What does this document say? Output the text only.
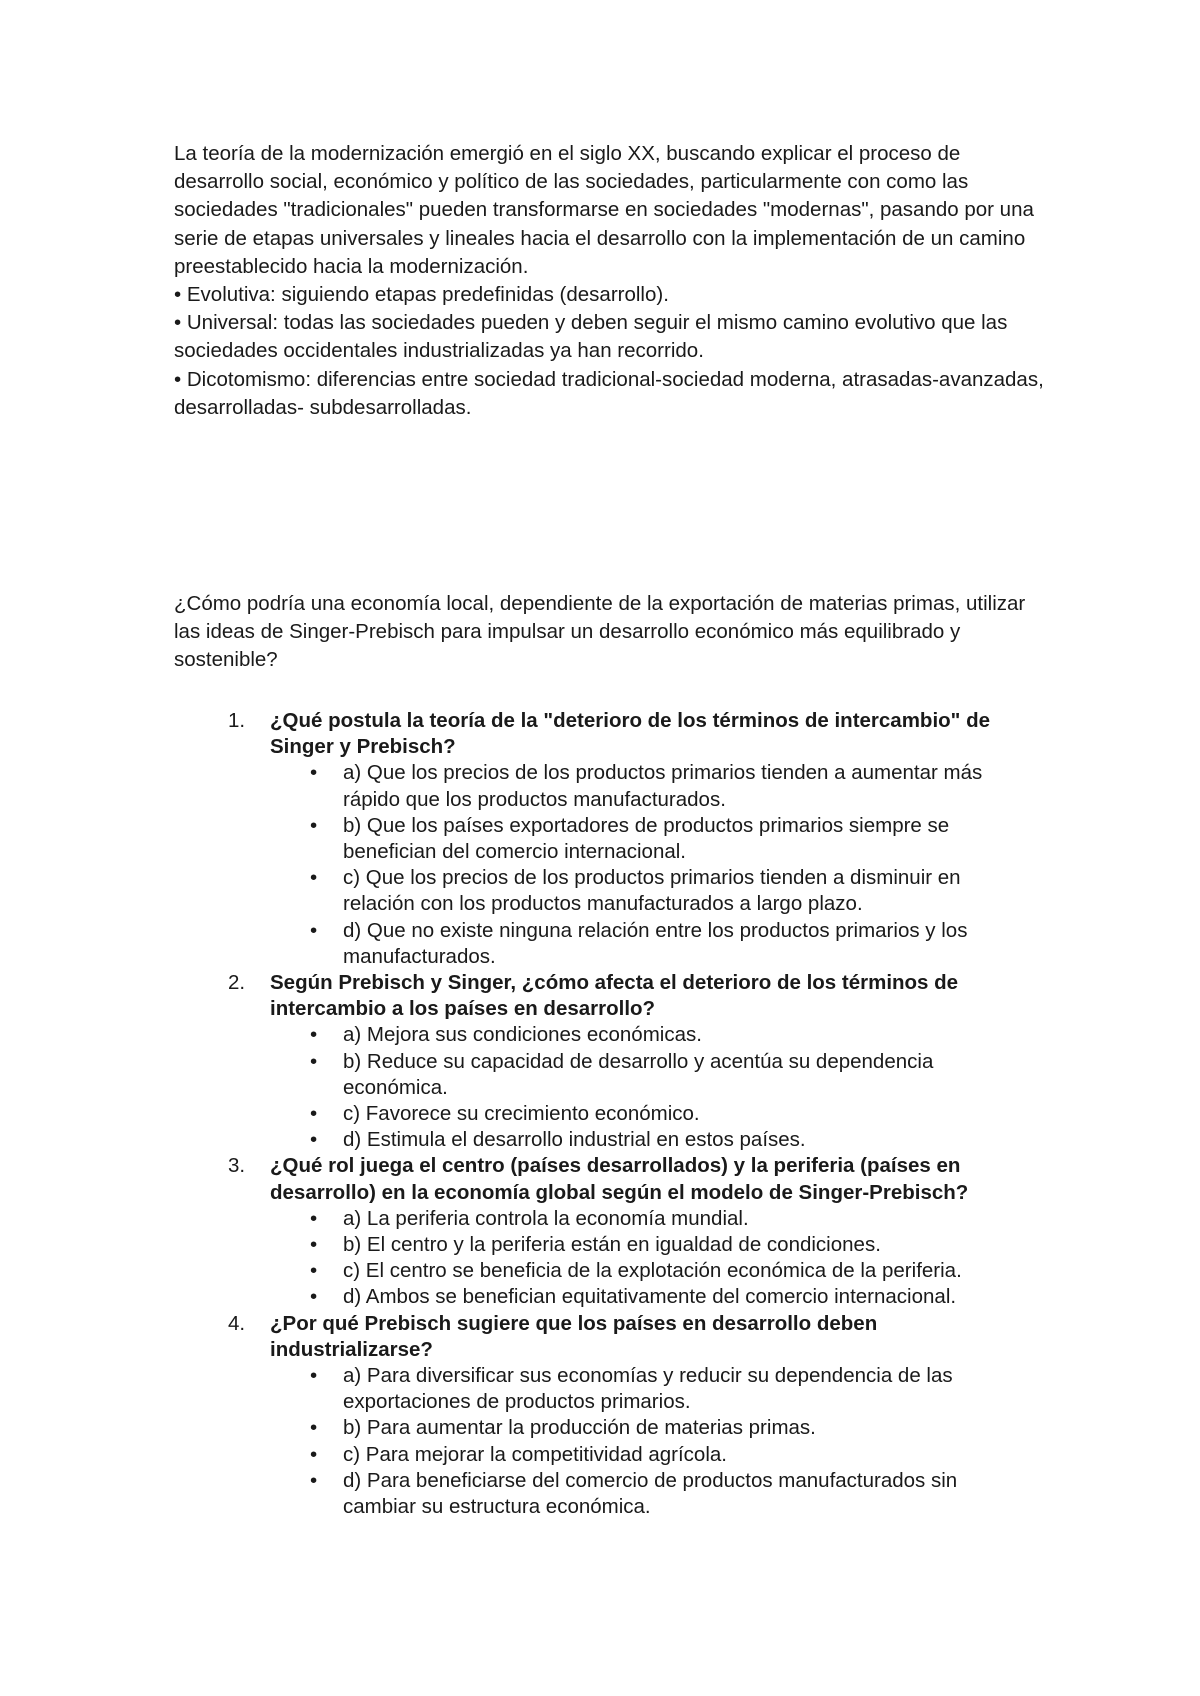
La teoría de la modernización emergió en el siglo XX, buscando explicar el proceso de desarrollo social, económico y político de las sociedades, particularmente con como las sociedades "tradicionales" pueden transformarse en sociedades "modernas", pasando por una serie de etapas universales y lineales hacia el desarrollo con la implementación de un camino preestablecido hacia la modernización.

• Evolutiva: siguiendo etapas predefinidas (desarrollo).

• Universal: todas las sociedades pueden y deben seguir el mismo camino evolutivo que las sociedades occidentales industrializadas ya han recorrido.

• Dicotomismo: diferencias entre sociedad tradicional-sociedad moderna, atrasadas-avanzadas, desarrolladas- subdesarrolladas.

¿Cómo podría una economía local, dependiente de la exportación de materias primas, utilizar las ideas de Singer-Prebisch para impulsar un desarrollo económico más equilibrado y sostenible?

1.	¿Qué postula la teoría de la "deterioro de los términos de intercambio" de Singer y Prebisch?
• a) Que los precios de los productos primarios tienden a aumentar más rápido que los productos manufacturados.
• b) Que los países exportadores de productos primarios siempre se benefician del comercio internacional.
• c) Que los precios de los productos primarios tienden a disminuir en relación con los productos manufacturados a largo plazo.
• d) Que no existe ninguna relación entre los productos primarios y los manufacturados.
2.	Según Prebisch y Singer, ¿cómo afecta el deterioro de los términos de intercambio a los países en desarrollo?
• a) Mejora sus condiciones económicas.
• b) Reduce su capacidad de desarrollo y acentúa su dependencia económica.
• c) Favorece su crecimiento económico.
• d) Estimula el desarrollo industrial en estos países.
3.	¿Qué rol juega el centro (países desarrollados) y la periferia (países en desarrollo) en la economía global según el modelo de Singer-Prebisch?
• a) La periferia controla la economía mundial.
• b) El centro y la periferia están en igualdad de condiciones.
• c) El centro se beneficia de la explotación económica de la periferia.
• d) Ambos se benefician equitativamente del comercio internacional.
4.	¿Por qué Prebisch sugiere que los países en desarrollo deben industrializarse?
• a) Para diversificar sus economías y reducir su dependencia de las exportaciones de productos primarios.
• b) Para aumentar la producción de materias primas.
• c) Para mejorar la competitividad agrícola.
• d) Para beneficiarse del comercio de productos manufacturados sin cambiar su estructura económica.
